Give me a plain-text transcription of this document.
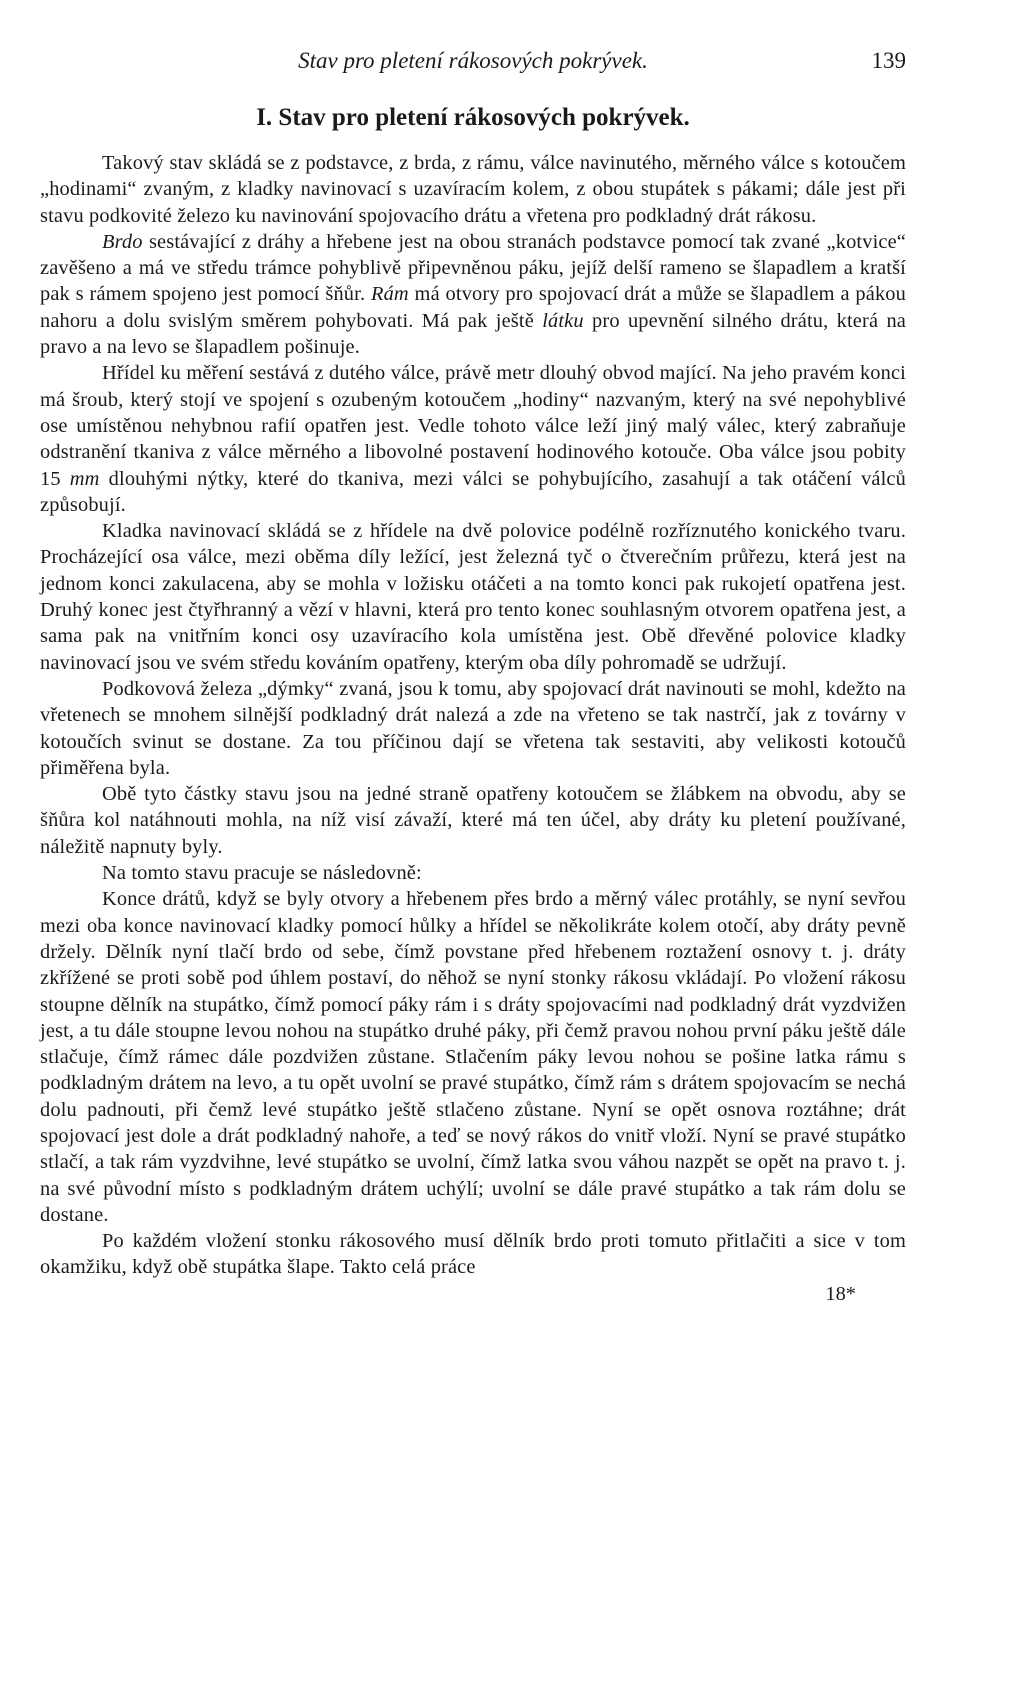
Stav pro pletení rákosových pokrývek.	139
I. Stav pro pletení rákosových pokrývek.

Takový stav skládá se z podstavce, z brda, z rámu, válce navinutého, měrného válce s kotoučem „hodinami“ zvaným, z kladky navinovací s uzavíracím kolem, z obou stupátek s pákami; dále jest při stavu podkovité železo ku navinování spojovacího drátu a vřetena pro podkladný drát rákosu.

Brdo sestávající z dráhy a hřebene jest na obou stranách podstavce pomocí tak zvané „kotvice“ zavěšeno a má ve středu trámce pohyblivě připevněnou páku, jejíž delší rameno se šlapadlem a kratší pak s rámem spojeno jest pomocí šňůr. Rám má otvory pro spojovací drát a může se šlapadlem a pákou nahoru a dolu svislým směrem pohybovati. Má pak ještě látku pro upevnění silného drátu, která na pravo a na levo se šlapadlem pošinuje.

Hřídel ku měření sestává z dutého válce, právě metr dlouhý obvod mající. Na jeho pravém konci má šroub, který stojí ve spojení s ozubeným kotoučem „hodiny“ nazvaným, který na své nepohyblivé ose umístěnou nehybnou rafií opatřen jest. Vedle tohoto válce leží jiný malý válec, který zabraňuje odstranění tkaniva z válce měrného a libovolné postavení hodinového kotouče. Oba válce jsou pobity 15 mm dlouhými nýtky, které do tkaniva, mezi válci se pohybujícího, zasahují a tak otáčení válců způsobují.

Kladka navinovací skládá se z hřídele na dvě polovice podélně rozříznutého konického tvaru. Procházející osa válce, mezi oběma díly ležící, jest železná tyč o čtverečním průřezu, která jest na jednom konci zakulacena, aby se mohla v ložisku otáčeti a na tomto konci pak rukojetí opatřena jest. Druhý konec jest čtyřhranný a vězí v hlavni, která pro tento konec souhlasným otvorem opatřena jest, a sama pak na vnitřním konci osy uzavíracího kola umístěna jest. Obě dřevěné polovice kladky navinovací jsou ve svém středu kováním opatřeny, kterým oba díly pohromadě se udržují.

Podkovová železa „dýmky“ zvaná, jsou k tomu, aby spojovací drát navinouti se mohl, kdežto na vřetenech se mnohem silnější podkladný drát nalezá a zde na vřeteno se tak nastrčí, jak z továrny v kotoučích svinut se dostane. Za tou příčinou dají se vřetena tak sestaviti, aby velikosti kotoučů přiměřena byla.

Obě tyto částky stavu jsou na jedné straně opatřeny kotoučem se žlábkem na obvodu, aby se šňůra kol natáhnouti mohla, na níž visí závaží, které má ten účel, aby dráty ku pletení používané, náležitě napnuty byly.

Na tomto stavu pracuje se následovně:

Konce drátů, když se byly otvory a hřebenem přes brdo a měrný válec protáhly, se nyní sevřou mezi oba konce navinovací kladky pomocí hůlky a hřídel se několikráte kolem otočí, aby dráty pevně držely. Dělník nyní tlačí brdo od sebe, čímž povstane před hřebenem roztažení osnovy t. j. dráty zkřížené se proti sobě pod úhlem postaví, do něhož se nyní stonky rákosu vkládají. Po vložení rákosu stoupne dělník na stupátko, čímž pomocí páky rám i s dráty spojovacími nad podkladný drát vyzdvižen jest, a tu dále stoupne levou nohou na stupátko druhé páky, při čemž pravou nohou první páku ještě dále stlačuje, čímž rámec dále pozdvižen zůstane. Stlačením páky levou nohou se pošine latka rámu s podkladným drátem na levo, a tu opět uvolní se pravé stupátko, čímž rám s drátem spojovacím se nechá dolu padnouti, při čemž levé stupátko ještě stlačeno zůstane. Nyní se opět osnova roztáhne; drát spojovací jest dole a drát podkladný nahoře, a teď se nový rákos do vnitř vloží. Nyní se pravé stupátko stlačí, a tak rám vyzdvihne, levé stupátko se uvolní, čímž latka svou váhou nazpět se opět na pravo t. j. na své původní místo s podkladným drátem uchýlí; uvolní se dále pravé stupátko a tak rám dolu se dostane.

Po každém vložení stonku rákosového musí dělník brdo proti tomuto přitlačiti a sice v tom okamžiku, když obě stupátka šlape. Takto celá práce

18*
